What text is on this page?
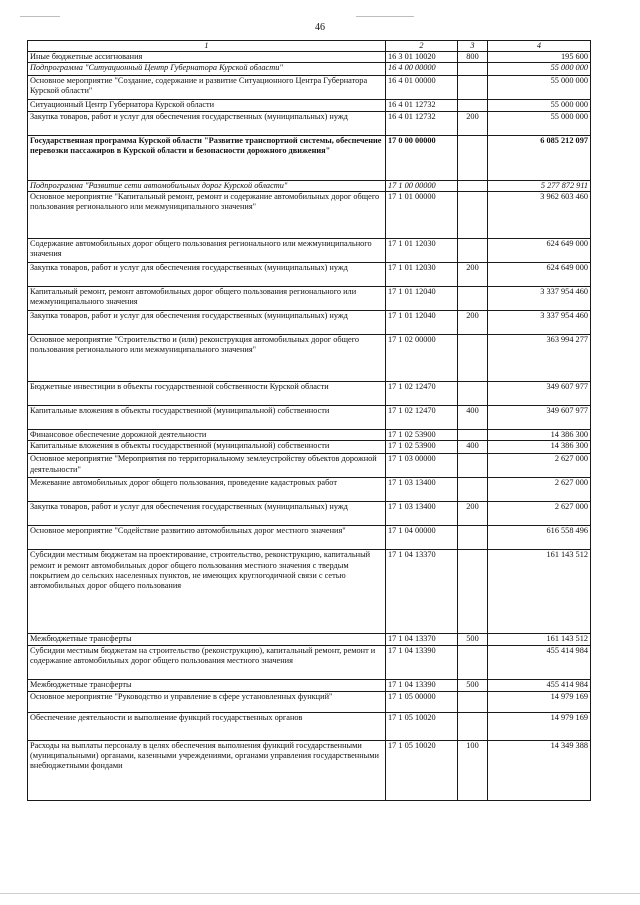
46
1	2	3	4
Иные бюджетные ассигнования	16 3 01 10020	800	195 600
Подпрограмма "Ситуационный Центр Губернатора Курской области"	16 4 00 00000		55 000 000
Основное мероприятие "Создание, содержание и развитие Ситуационного Центра Губернатора Курской области"	16 4 01 00000		55 000 000
Ситуационный Центр Губернатора Курской области	16 4 01 12732		55 000 000
Закупка товаров, работ и услуг для обеспечения государственных (муниципальных) нужд	16 4 01 12732	200	55 000 000
Государственная программа Курской области "Развитие транспортной системы, обеспечение перевозки пассажиров в Курской области и безопасности дорожного движения"	17 0 00 00000		6 085 212 097
Подпрограмма "Развитие сети автомобильных дорог Курской области"	17 1 00 00000		5 277 872 911
Основное мероприятие "Капитальный ремонт, ремонт и содержание автомобильных дорог общего пользования регионального или межмуниципального значения"	17 1 01 00000		3 962 603 460
Содержание автомобильных дорог общего пользования регионального или межмуниципального значения	17 1 01 12030		624 649 000
Закупка товаров, работ и услуг для обеспечения государственных (муниципальных) нужд	17 1 01 12030	200	624 649 000
Капитальный ремонт, ремонт автомобильных дорог общего пользования регионального или межмуниципального значения	17 1 01 12040		3 337 954 460
Закупка товаров, работ и услуг для обеспечения государственных (муниципальных) нужд	17 1 01 12040	200	3 337 954 460
Основное мероприятие "Строительство и (или) реконструкция автомобильных дорог общего пользования регионального или межмуниципального значения"	17 1 02 00000		363 994 277
Бюджетные инвестиции в объекты государственной собственности Курской области	17 1 02 12470		349 607 977
Капитальные вложения в объекты государственной (муниципальной) собственности	17 1 02 12470	400	349 607 977
Финансовое обеспечение дорожной деятельности	17 1 02 53900		14 386 300
Капитальные вложения в объекты государственной (муниципальной) собственности	17 1 02 53900	400	14 386 300
Основное мероприятие "Мероприятия по территориальному землеустройству объектов дорожной деятельности"	17 1 03 00000		2 627 000
Межевание автомобильных дорог общего пользования, проведение кадастровых работ	17 1 03 13400		2 627 000
Закупка товаров, работ и услуг для обеспечения государственных (муниципальных) нужд	17 1 03 13400	200	2 627 000
Основное мероприятие "Содействие развитию автомобильных дорог местного значения"	17 1 04 00000		616 558 496
Субсидии местным бюджетам на проектирование, строительство, реконструкцию, капитальный ремонт и ремонт автомобильных дорог общего пользования местного значения с твердым покрытием до сельских населенных пунктов, не имеющих круглогодичной связи с сетью автомобильных дорог общего пользования	17 1 04 13370		161 143 512
Межбюджетные трансферты	17 1 04 13370	500	161 143 512
Субсидии местным бюджетам на строительство (реконструкцию), капитальный ремонт, ремонт и содержание автомобильных дорог общего пользования местного значения	17 1 04 13390		455 414 984
Межбюджетные трансферты	17 1 04 13390	500	455 414 984
Основное мероприятие "Руководство и управление в сфере установленных функций"	17 1 05 00000		14 979 169
Обеспечение деятельности и выполнение функций государственных органов	17 1 05 10020		14 979 169
Расходы на выплаты персоналу в целях обеспечения выполнения функций государственными (муниципальными) органами, казенными учреждениями, органами управления государственными внебюджетными фондами	17 1 05 10020	100	14 349 388
